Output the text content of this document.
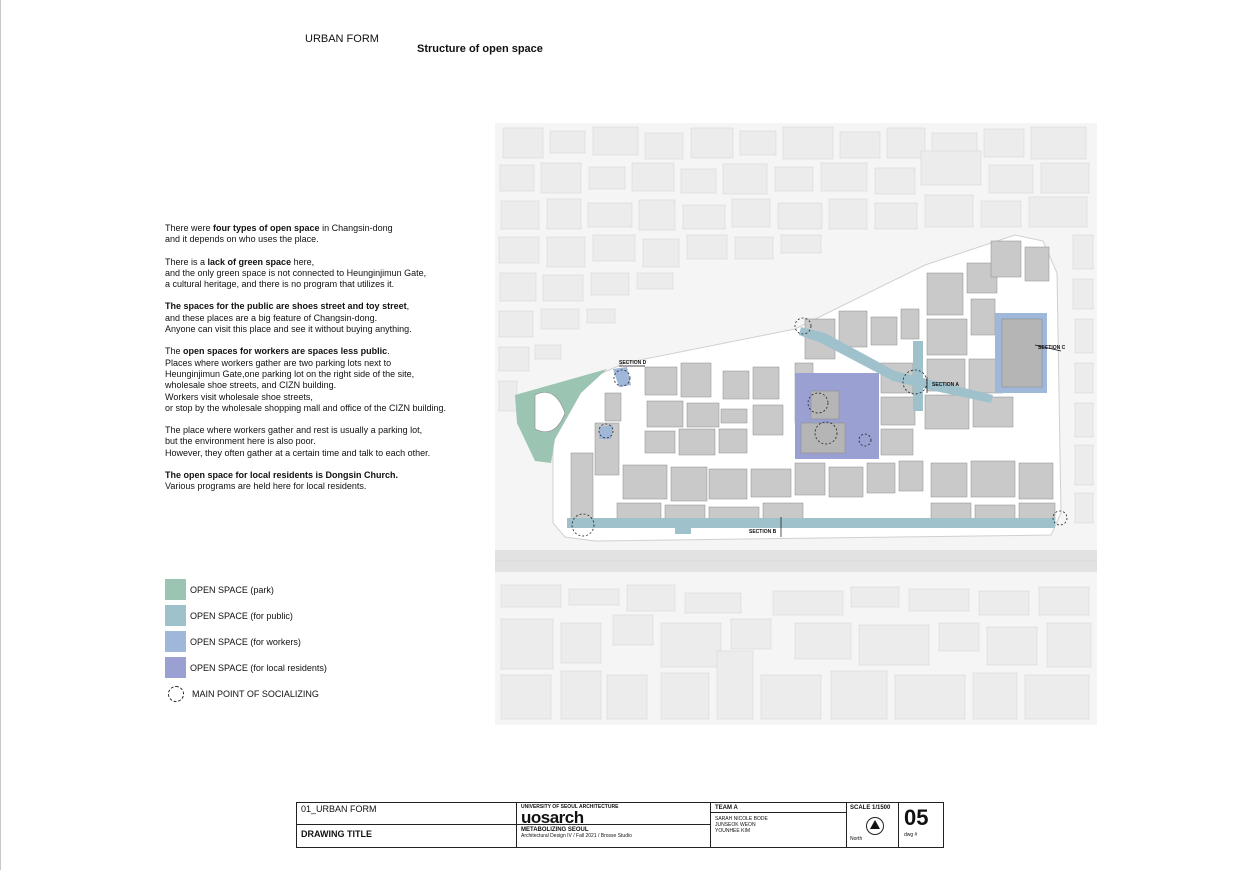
URBAN FORM
Structure of open space

There were four types of open space in Changsin-dong
and it depends on who uses the place.

There is a lack of green space here,
and the only green space is not connected to Heunginjimun Gate,
a cultural heritage, and there is no program that utilizes it.

The spaces for the public are shoes street and toy street,
and these places are a big feature of Changsin-dong.
Anyone can visit this place and see it without buying anything.

The open spaces for workers are spaces less public.
Places where workers gather are two parking lots next to
Heunginjimun Gate,one parking lot on the right side of the site,
wholesale shoe streets, and CIZN building.
Workers visit wholesale shoe streets,
or stop by the wholesale shopping mall and office of the CIZN building.

The place where workers gather and rest is usually a parking lot,
but the environment here is also poor.
However, they often gather at a certain time and talk to each other.

The open space for local residents is Dongsin Church.
Various programs are held here for local residents.

OPEN SPACE (park)
OPEN SPACE (for public)
OPEN SPACE (for workers)
OPEN SPACE (for local residents)
MAIN POINT OF SOCIALIZING
SECTION A
SECTION B
SECTION C
SECTION D
01_URBAN FORM
DRAWING TITLE
UNIVERSITY OF SEOUL ARCHITECTURE
uosarch
METABOLIZING SEOUL
Architectural Design IV / Fall 2021 / Brosse Studio
TEAM A
SARAH NICOLE BODE
JUNSEOK WEON
YOUNHEE KIM
SCALE 1/1500
North
05
dwg #
